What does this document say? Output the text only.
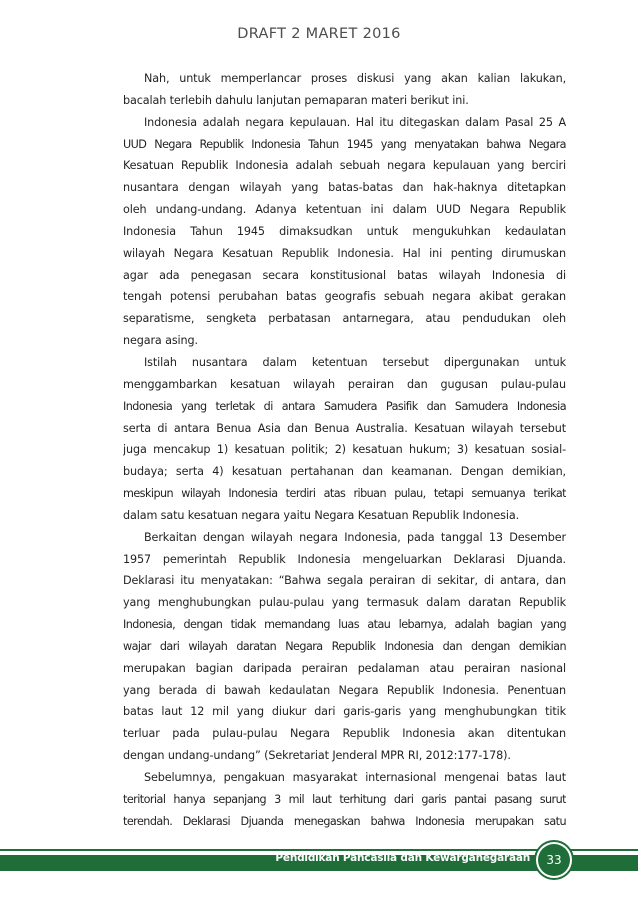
DRAFT 2 MARET 2016
Nah, untuk memperlancar proses diskusi yang akan kalian lakukan,
bacalah terlebih dahulu lanjutan pemaparan materi berikut ini.
Indonesia adalah negara kepulauan. Hal itu ditegaskan dalam Pasal 25 A
UUD Negara Republik Indonesia Tahun 1945 yang menyatakan bahwa Negara
Kesatuan Republik Indonesia adalah sebuah negara kepulauan yang berciri
nusantara dengan wilayah yang batas-batas dan hak-haknya ditetapkan
oleh undang-undang. Adanya ketentuan ini dalam UUD Negara Republik
Indonesia Tahun 1945 dimaksudkan untuk mengukuhkan kedaulatan
wilayah Negara Kesatuan Republik Indonesia. Hal ini penting dirumuskan
agar ada penegasan secara konstitusional batas wilayah Indonesia di
tengah potensi perubahan batas geografis sebuah negara akibat gerakan
separatisme, sengketa perbatasan antarnegara, atau pendudukan oleh
negara asing.
Istilah nusantara dalam ketentuan tersebut dipergunakan untuk
menggambarkan kesatuan wilayah perairan dan gugusan pulau-pulau
Indonesia yang terletak di antara Samudera Pasifik dan Samudera Indonesia
serta di antara Benua Asia dan Benua Australia. Kesatuan wilayah tersebut
juga mencakup 1) kesatuan politik; 2) kesatuan hukum; 3) kesatuan sosial-
budaya; serta 4) kesatuan pertahanan dan keamanan. Dengan demikian,
meskipun wilayah Indonesia terdiri atas ribuan pulau, tetapi semuanya terikat
dalam satu kesatuan negara yaitu Negara Kesatuan Republik Indonesia.
Berkaitan dengan wilayah negara Indonesia, pada tanggal 13 Desember
1957 pemerintah Republik Indonesia mengeluarkan Deklarasi Djuanda.
Deklarasi itu menyatakan: “Bahwa segala perairan di sekitar, di antara, dan
yang menghubungkan pulau-pulau yang termasuk dalam daratan Republik
Indonesia, dengan tidak memandang luas atau lebarnya, adalah bagian yang
wajar dari wilayah daratan Negara Republik Indonesia dan dengan demikian
merupakan bagian daripada perairan pedalaman atau perairan nasional
yang berada di bawah kedaulatan Negara Republik Indonesia. Penentuan
batas laut 12 mil yang diukur dari garis-garis yang menghubungkan titik
terluar pada pulau-pulau Negara Republik Indonesia akan ditentukan
dengan undang-undang” (Sekretariat Jenderal MPR RI, 2012:177-178).
Sebelumnya, pengakuan masyarakat internasional mengenai batas laut
teritorial hanya sepanjang 3 mil laut terhitung dari garis pantai pasang surut
terendah. Deklarasi Djuanda menegaskan bahwa Indonesia merupakan satu
Pendidikan Pancasila dan Kewarganegaraan	33
